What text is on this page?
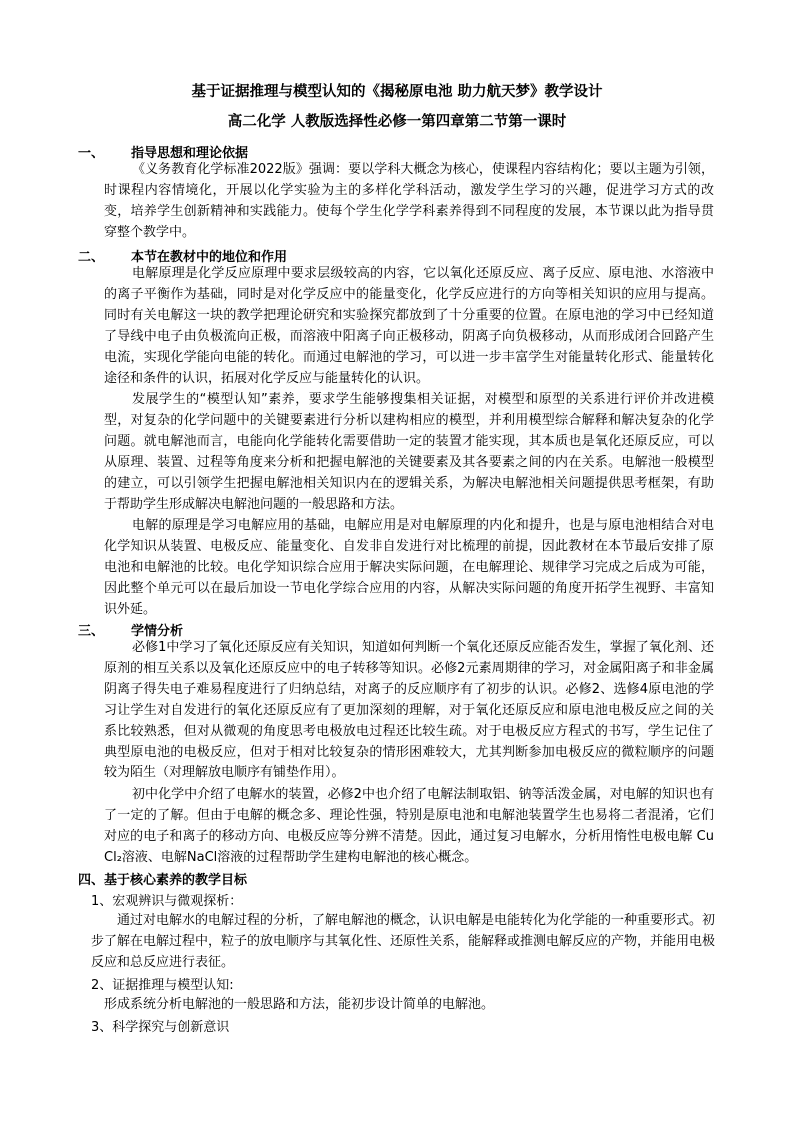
基于证据推理与模型认知的《揭秘原电池 助力航天梦》教学设计
高二化学 人教版选择性必修一第四章第二节第一课时
一、 指导思想和理论依据

《义务教育化学标准2022版》强调：要以学科大概念为核心，使课程内容结构化；要以主题为引领，时课程内容情境化，开展以化学实验为主的多样化学科活动，激发学生学习的兴趣，促进学习方式的改变，培养学生创新精神和实践能力。使每个学生化学学科素养得到不同程度的发展，本节课以此为指导贯穿整个教学中。

二、 本节在教材中的地位和作用

电解原理是化学反应原理中要求层级较高的内容，它以氧化还原反应、离子反应、原电池、水溶液中的离子平衡作为基础，同时是对化学反应中的能量变化，化学反应进行的方向等相关知识的应用与提高。同时有关电解这一块的教学把理论研究和实验探究都放到了十分重要的位置。在原电池的学习中已经知道了导线中电子由负极流向正极，而溶液中阳离子向正极移动，阴离子向负极移动，从而形成闭合回路产生电流，实现化学能向电能的转化。而通过电解池的学习，可以进一步丰富学生对能量转化形式、能量转化途径和条件的认识，拓展对化学反应与能量转化的认识。

发展学生的“模型认知”素养，要求学生能够搜集相关证据，对模型和原型的关系进行评价并改进模型，对复杂的化学问题中的关键要素进行分析以建构相应的模型，并利用模型综合解释和解决复杂的化学问题。就电解池而言，电能向化学能转化需要借助一定的装置才能实现，其本质也是氧化还原反应，可以从原理、装置、过程等角度来分析和把握电解池的关键要素及其各要素之间的内在关系。电解池一般模型的建立，可以引领学生把握电解池相关知识内在的逻辑关系，为解决电解池相关问题提供思考框架，有助于帮助学生形成解决电解池问题的一般思路和方法。

电解的原理是学习电解应用的基础，电解应用是对电解原理的内化和提升，也是与原电池相结合对电化学知识从装置、电极反应、能量变化、自发非自发进行对比梳理的前提，因此教材在本节最后安排了原电池和电解池的比较。电化学知识综合应用于解决实际问题，在电解理论、规律学习完成之后成为可能，因此整个单元可以在最后加设一节电化学综合应用的内容，从解决实际问题的角度开拓学生视野、丰富知识外延。

三、 学情分析

必修1中学习了氧化还原反应有关知识，知道如何判断一个氧化还原反应能否发生，掌握了氧化剂、还原剂的相互关系以及氧化还原反应中的电子转移等知识。必修2元素周期律的学习，对金属阳离子和非金属阴离子得失电子难易程度进行了归纳总结，对离子的反应顺序有了初步的认识。必修2、选修4原电池的学习让学生对自发进行的氧化还原反应有了更加深刻的理解，对于氧化还原反应和原电池电极反应之间的关系比较熟悉，但对从微观的角度思考电极放电过程还比较生疏。对于电极反应方程式的书写，学生记住了典型原电池的电极反应，但对于相对比较复杂的情形困难较大，尤其判断参加电极反应的微粒顺序的问题较为陌生（对理解放电顺序有铺垫作用）。

初中化学中介绍了电解水的装置，必修2中也介绍了电解法制取铝、钠等活泼金属，对电解的知识也有了一定的了解。但由于电解的概念多、理论性强，特别是原电池和电解池装置学生也易将二者混淆，它们对应的电子和离子的移动方向、电极反应等分辨不清楚。因此，通过复习电解水，分析用惰性电极电解 CuCl₂溶液、电解NaCl溶液的过程帮助学生建构电解池的核心概念。

四、基于核心素养的教学目标
1、宏观辨识与微观探析：

通过对电解水的电解过程的分析，了解电解池的概念，认识电解是电能转化为化学能的一种重要形式。初步了解在电解过程中，粒子的放电顺序与其氧化性、还原性关系，能解释或推测电解反应的产物，并能用电极反应和总反应进行表征。

2、证据推理与模型认知:

形成系统分析电解池的一般思路和方法，能初步设计简单的电解池。

3、科学探究与创新意识
